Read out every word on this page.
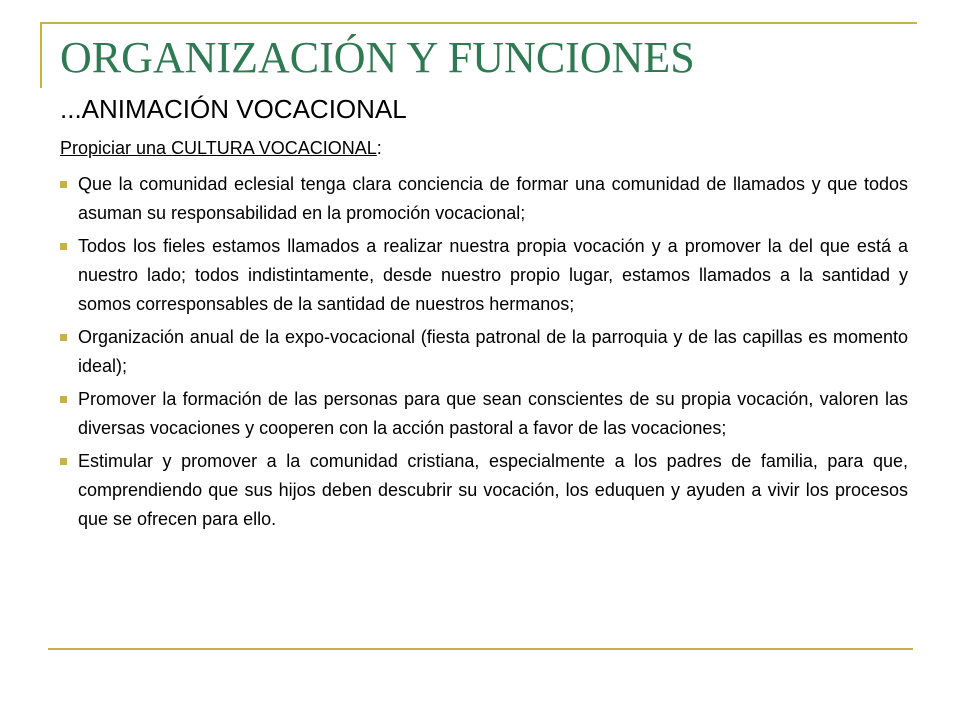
ORGANIZACIÓN Y FUNCIONES
...ANIMACIÓN VOCACIONAL
Propiciar una CULTURA VOCACIONAL:
Que la comunidad eclesial tenga clara conciencia de formar una comunidad de llamados y que todos asuman su responsabilidad en la promoción vocacional;
Todos los fieles estamos llamados a realizar nuestra propia vocación y a promover la del que está a nuestro lado; todos indistintamente, desde nuestro propio lugar, estamos llamados a la santidad y somos corresponsables de la santidad de nuestros hermanos;
Organización anual de la expo-vocacional (fiesta patronal de la parroquia y de las capillas es momento ideal);
Promover la formación de las personas para que sean conscientes de su propia vocación, valoren las diversas vocaciones y cooperen con la acción pastoral a favor de las vocaciones;
Estimular y promover a la comunidad cristiana, especialmente a los padres de familia, para que, comprendiendo que sus hijos deben descubrir su vocación, los eduquen y ayuden a vivir los procesos que se ofrecen para ello.
